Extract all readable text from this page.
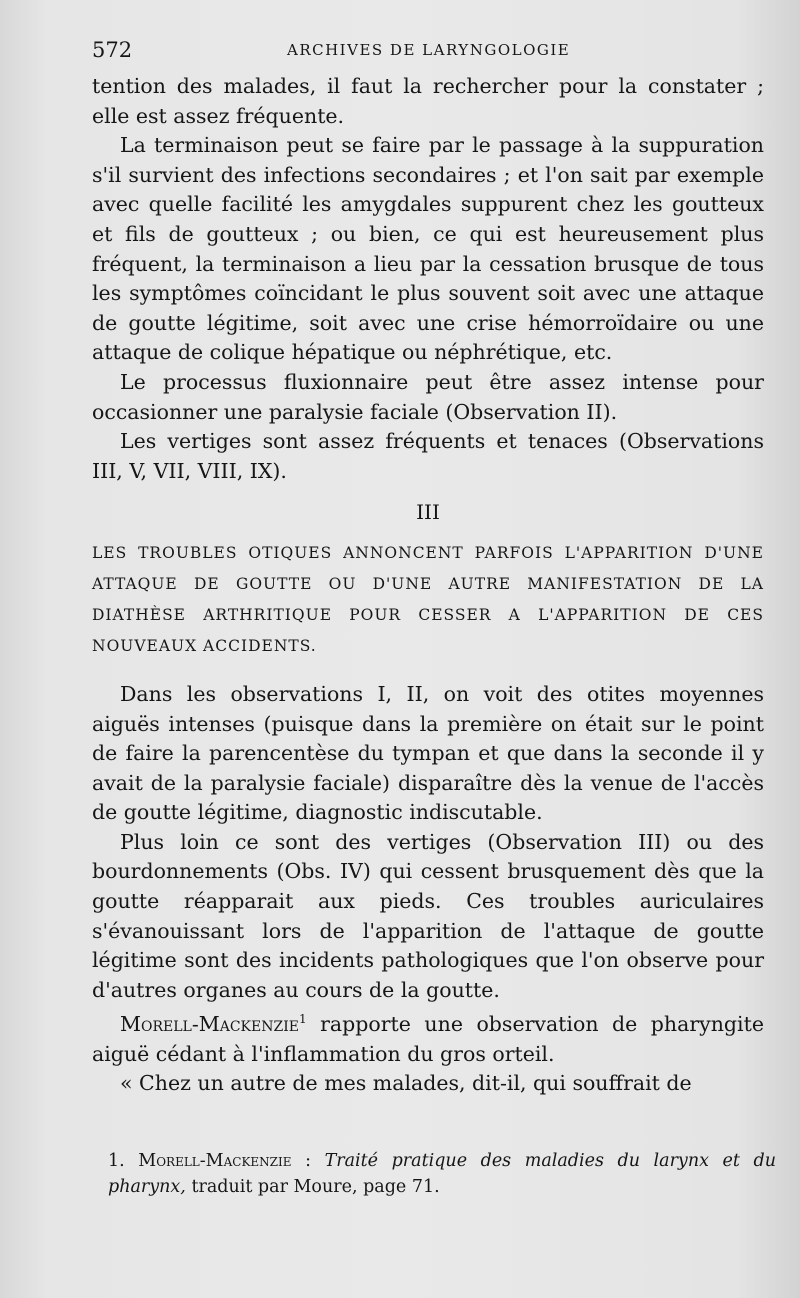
572	ARCHIVES DE LARYNGOLOGIE

tention des malades, il faut la rechercher pour la constater ; elle est assez fréquente.

La terminaison peut se faire par le passage à la suppuration s'il survient des infections secondaires ; et l'on sait par exemple avec quelle facilité les amygdales suppurent chez les goutteux et fils de goutteux ; ou bien, ce qui est heureusement plus fréquent, la terminaison a lieu par la cessation brusque de tous les symptômes coïncidant le plus souvent soit avec une attaque de goutte légitime, soit avec une crise hémorroïdaire ou une attaque de colique hépatique ou néphrétique, etc.

Le processus fluxionnaire peut être assez intense pour occasionner une paralysie faciale (Observation II).

Les vertiges sont assez fréquents et tenaces (Observations III, V, VII, VIII, IX).

III

LES TROUBLES OTIQUES ANNONCENT PARFOIS L'APPARITION D'UNE ATTAQUE DE GOUTTE OU D'UNE AUTRE MANIFESTATION DE LA DIATHÈSE ARTHRITIQUE POUR CESSER A L'APPARITION DE CES NOUVEAUX ACCIDENTS.

Dans les observations I, II, on voit des otites moyennes aiguës intenses (puisque dans la première on était sur le point de faire la parencentèse du tympan et que dans la seconde il y avait de la paralysie faciale) disparaître dès la venue de l'accès de goutte légitime, diagnostic indiscutable.

Plus loin ce sont des vertiges (Observation III) ou des bourdonnements (Obs. IV) qui cessent brusquement dès que la goutte réapparait aux pieds. Ces troubles auriculaires s'évanouissant lors de l'apparition de l'attaque de goutte légitime sont des incidents pathologiques que l'on observe pour d'autres organes au cours de la goutte.

Morell-Mackenzie$^1$ rapporte une observation de pharyngite aiguë cédant à l'inflammation du gros orteil.

« Chez un autre de mes malades, dit-il, qui souffrait de

1. Morell-Mackenzie : Traité pratique des maladies du larynx et du pharynx, traduit par Moure, page 71.
